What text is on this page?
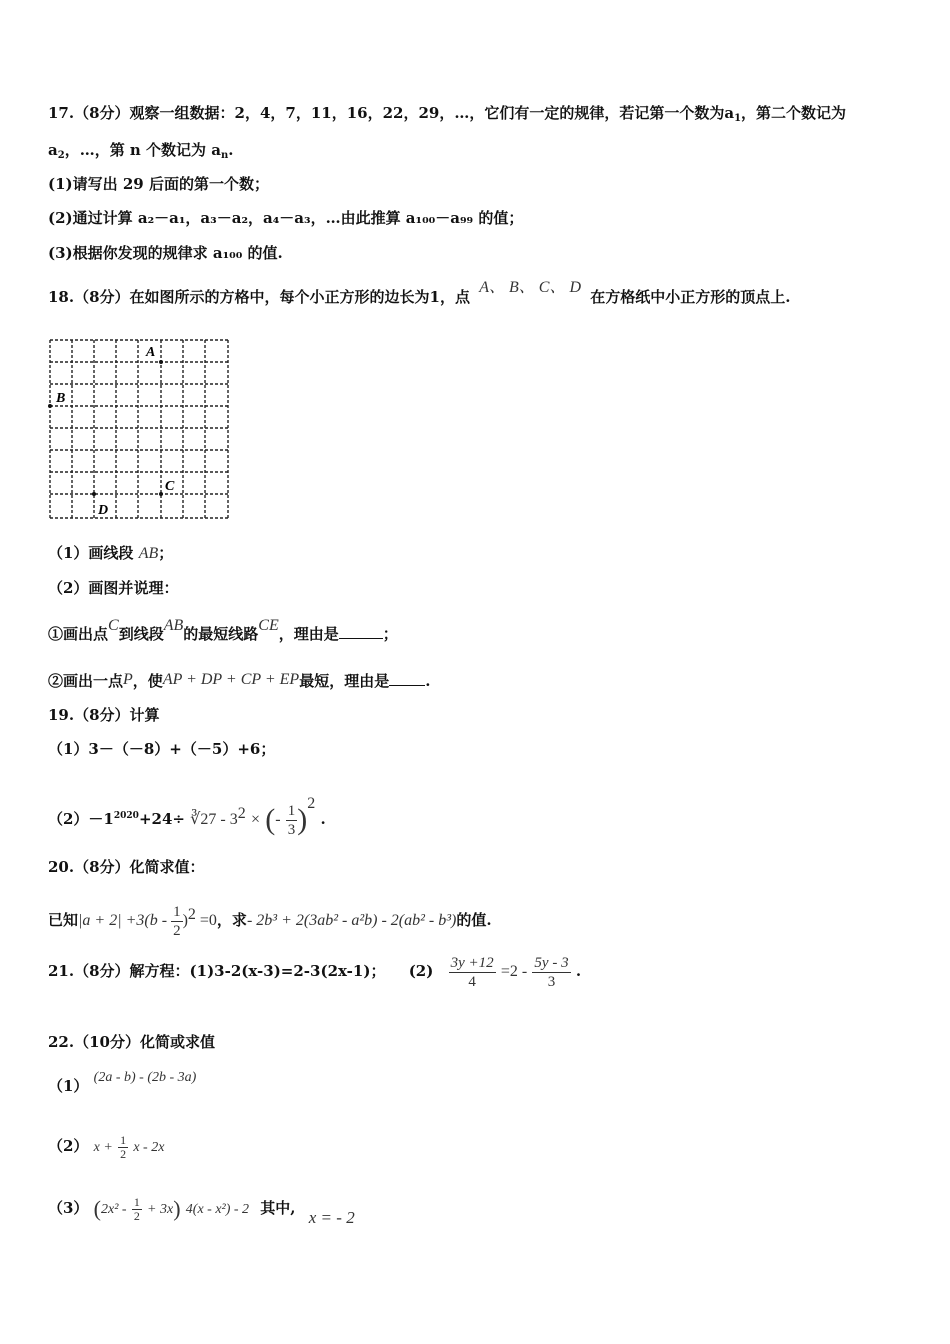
17.（8分）观察一组数据：2，4，7，11，16，22，29，…，它们有一定的规律，若记第一个数为$a_1$，第二个数记为
$a_2$，…，第 n 个数记为 $a_n$.
(1)请写出 29 后面的第一个数；
(2)通过计算 a₂－a₁，a₃－a₂，a₄－a₃，…由此推算 a₁₀₀－a₉₉ 的值；
(3)根据你发现的规律求 a₁₀₀ 的值.
18.（8分）在如图所示的方格中，每个小正方形的边长为1，点 A、 B、 C、 D 在方格纸中小正方形的顶点上.
A
B
C
D
（1）画线段 AB；
（2）画图并说理：
①画出点C到线段AB的最短线路CE，理由是	；
②画出一点P，使AP + DP + CP + EP最短，理由是 .
19.（8分）计算
（1）3－（－8）+（－5）+6；
$(2)-1^{2020}+24\div$ ∛27 - $3^2$ × (- $\frac{1}{3} )^2$ .
20.（8分）化简求值：
已知$|a + 2| +3(b - \frac{1}{2} )^2 =0$，求- 2b³ + 2(3ab² - a²b) - 2(ab² - b³)的值.
21.（8分）解方程：(1)3-2(x-3)=2-3(2x-1)； $(2) \frac{3y +12}{4} =2 - \frac{5y - 3}{3}$ .
22.（10分）化简或求值
（1） (2a - b) - (2b - 3a)
（2） $x + \frac{1}{2}$ x - 2x
（3） $(2x^2 - \frac{1}{2} + 3x)$ 4(x - x²) - 2 其中, x = - 2
